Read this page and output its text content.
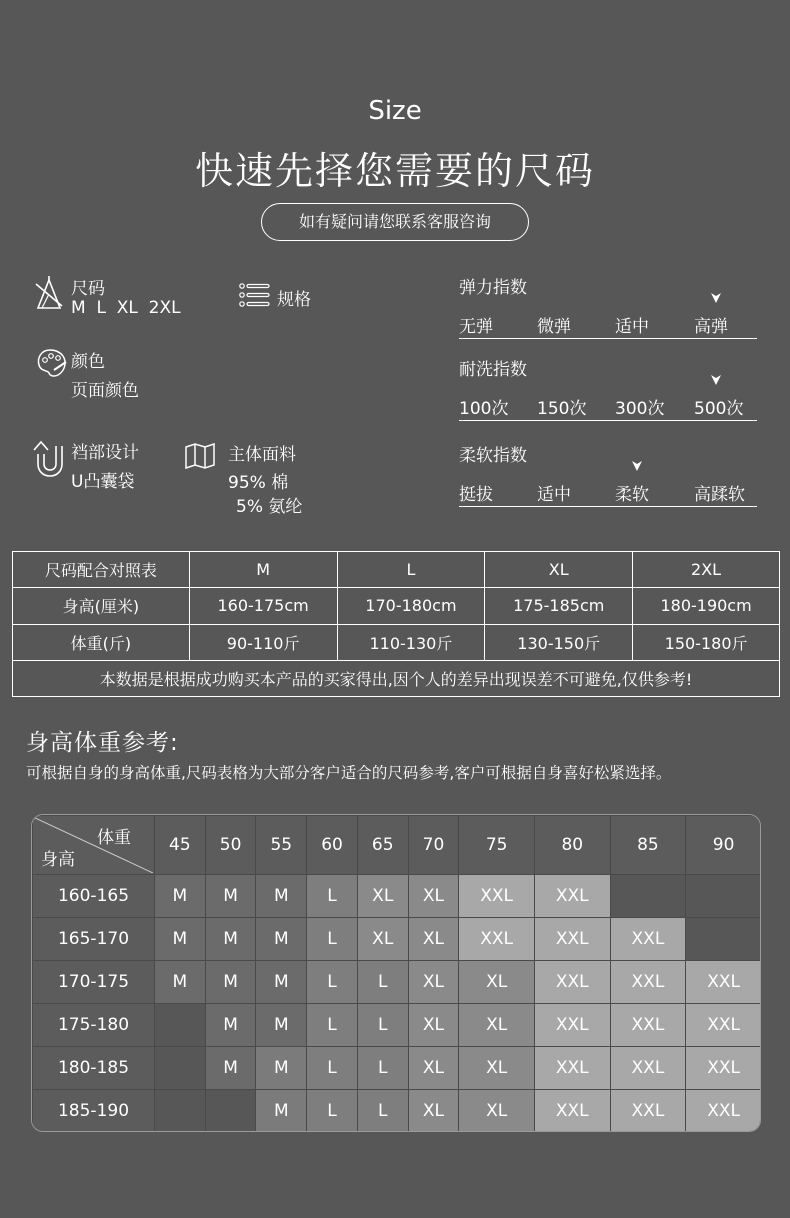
Size
快速先择您需要的尺码
如有疑问请您联系客服咨询
尺码
M  L  XL  2XL	规格
颜色
页面颜色
裆部设计
U凸囊袋
主体面料
95% 棉
5% 氨纶
弹力指数
无弹	微弹	适中	高弹
耐洗指数
100次 150次 300次 500次
柔软指数
挺拔	适中	柔软	高蹂软
尺码配合对照表	M	L	XL	2XL
身高(厘米)	160-175cm	170-180cm	175-185cm	180-190cm
体重(斤)	90-110斤	110-130斤	130-150斤	150-180斤
本数据是根据成功购买本产品的买家得出,因个人的差异出现误差不可避免,仅供参考!				
身高体重参考:
可根据自身的身高体重,尺码表格为大部分客户适合的尺码参考,客户可根据自身喜好松紧选择。
体重
身高	45	50	55	60	65	70	75	80	85	90
160-165	M	M	M	L	XL	XL	XXL	XXL		
165-170	M	M	M	L	XL	XL	XXL	XXL	XXL	
170-175	M	M	M	L	L	XL	XL	XXL	XXL	XXL
175-180		M	M	L	L	XL	XL	XXL	XXL	XXL
180-185		M	M	L	L	XL	XL	XXL	XXL	XXL
185-190			M	L	L	XL	XL	XXL	XXL	XXL
